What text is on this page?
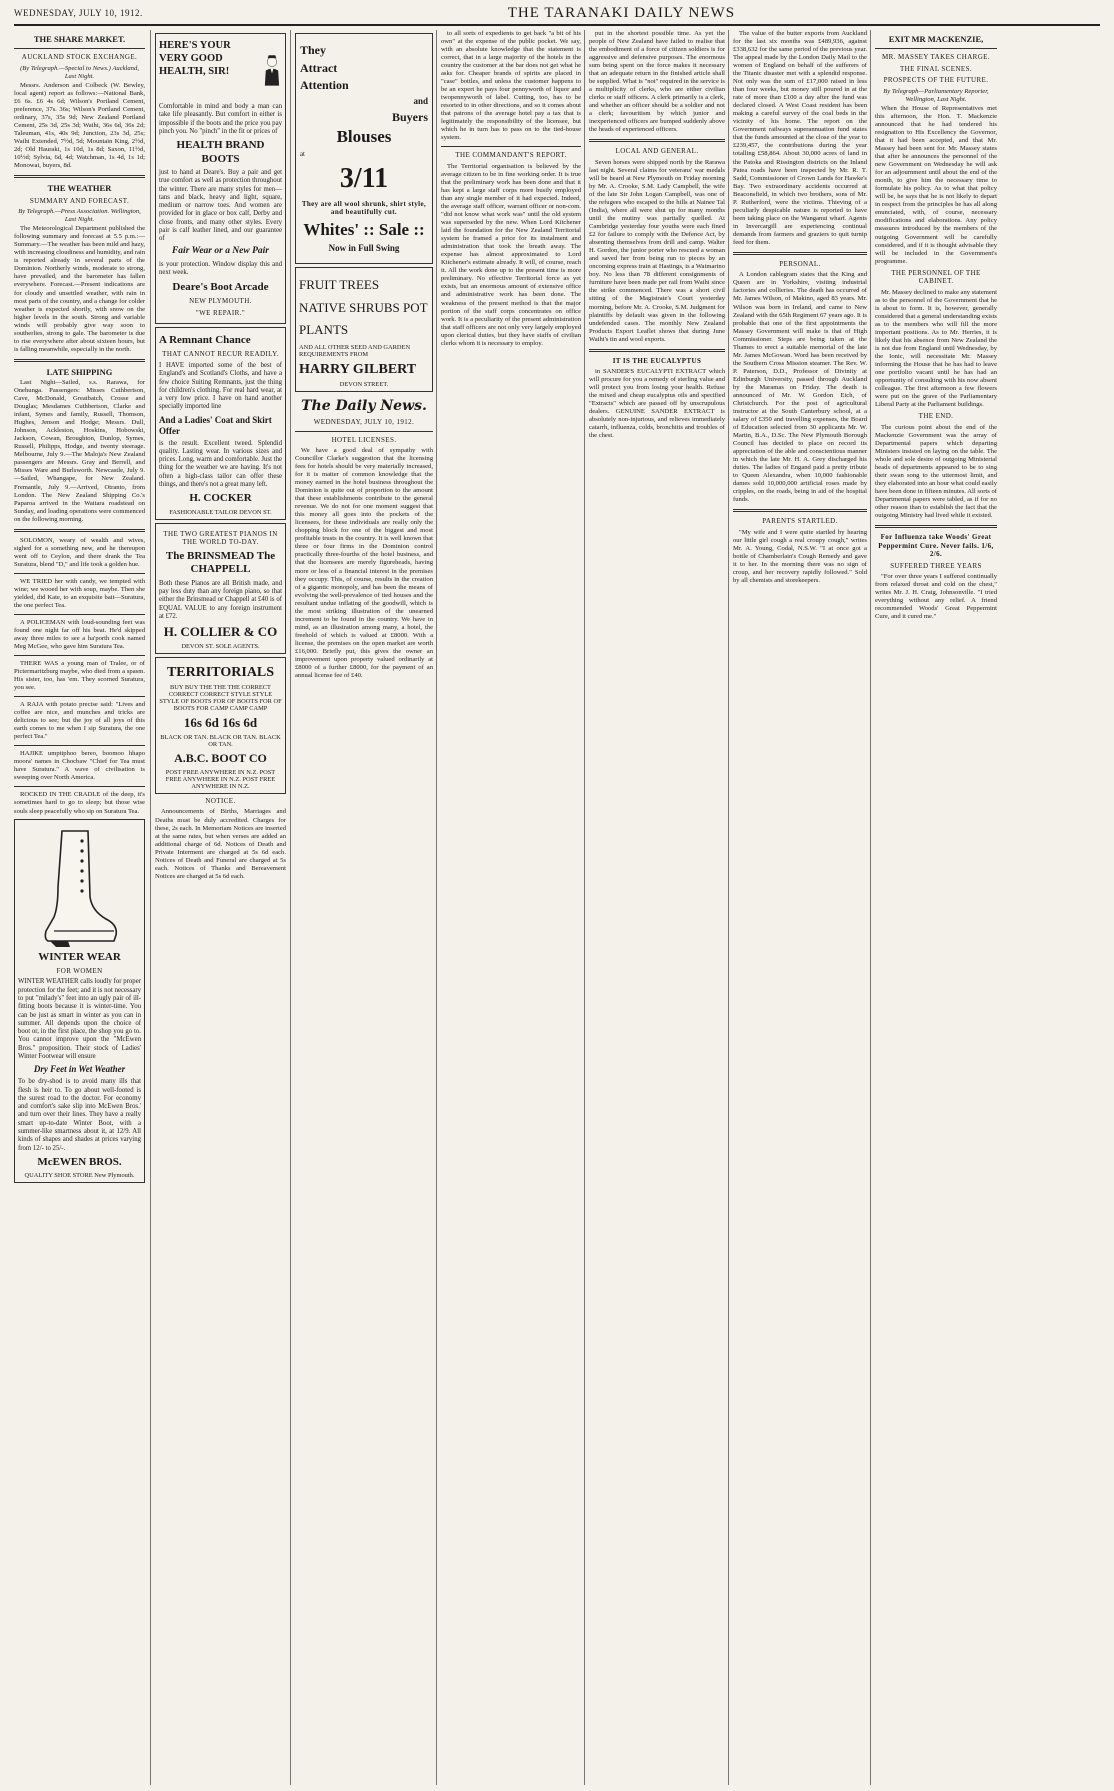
WEDNESDAY, JULY 10, 1912.	THE TARANAKI DAILY NEWS
THE SHARE MARKET.
AUCKLAND STOCK EXCHANGE.
(By Telegraph.—Special to News.) Auckland, Last Night.

Messrs. Anderson and Colbeck (W. Bewley, local agent) report as follows:—National Bank, £6 6s. £6 4s 6d; Wilson's Portland Cement, preference, 37s. 36s; Wilson's Portland Cement, ordinary, 37s, 35s 9d; New Zealand Portland Cement, 25s 3d, 25s 3d; Waihi, 36s 6d, 36s 2d; Taleuman, 41s, 40s 9d; Junction, 23s 3d, 25s; Waihi Extended, 7½d, 5d; Mountain King, 2½d, 2d; Old Hauraki, 1s 10d, 1s 8d; Saxon, 11½d, 10½d; Sylvia, 6d, 4d; Watchman, 1s 4d, 1s 1d; Monowai, buyers, 8d.

THE WEATHER
SUMMARY AND FORECAST.
By Telegraph.—Press Association. Wellington, Last Night.

The Meteorological Department published the following summary and forecast at 5.5 p.m.:—Summary.—The weather has been mild and hazy, with increasing cloudiness and humidity, and rain is reported already in several parts of the Dominion. Northerly winds, moderate to strong, have prevailed, and the barometer has fallen everywhere. Forecast.—Present indications are for cloudy and unsettled weather, with rain in most parts of the country, and a change for colder weather is expected shortly, with snow on the higher levels in the south. Strong and variable winds will probably give way soon to southerlies, strong to gale. The barometer is due to rise everywhere after about sixteen hours, but is falling meanwhile, especially in the north.

LATE SHIPPING

Last Night—Sailed, s.s. Rarawa, for Onehunga. Passengers: Misses Cuthbertson, Cave, McDonald, Greatbatch, Crosse and Douglas; Mesdames Cuthbertson, Clarke and infant, Symes and family, Russell, Thomson, Hughes, Jenson and Hodge; Messrs. Dull, Johnson, Ackleston, Hoskins, Hobowski, Jackson, Cowan, Broughton, Dunlop, Symes, Russell, Philipps, Hodge, and twenty steerage. Melbourne, July 9.—The Maloja's New Zealand passengers are Messrs. Gray and Berrell, and Misses Ware and Burlsworth. Newcastle, July 9.—Sailed, Whangape, for New Zealand. Fremantle, July 9.—Arrived, Otranto, from London. The New Zealand Shipping Co.'s Paparoa arrived in the Waitara roadstead on Sunday, and loading operations were commenced on the following morning.

SOLOMON, weary of wealth and wives, sighed for a something new, and he thereupon went off to Ceylon, and there drank the Tea Suratura, blend "D," and life took a golden hue.

WE TRIED her with candy, we tempted with wine; we wooed her with soup, maybe. Then she yielded, did Kate, to an exquisite bait—Suratura, the one perfect Tea.

A POLICEMAN with loud-sounding feet was found one night far off his beat. He'd skipped away three miles to see a ha'porth cook named Meg McGee, who gave him Suratura Tea.

THERE WAS a young man of Tralee, or of Pictermaritzburg maybe, who died from a spasm. His sister, too, has 'em. They scorned Suratura, you see.

A RAJA with potato precise said: "Lives and coffee are nice, and munches and tricks are delicious to see; but the joy of all joys of this earth comes to me when I sip Suratura, the one perfect Tea."

HAJIKE umptiphoo bereo, boomoo hhapo moora' names in Chocbaw "Chief for Tea must have Suratura." A wave of civilisation is sweeping over North America.

ROCKED IN THE CRADLE of the deep, it's sometimes hard to go to sleep; but those wise souls sleep peacefully who sip on Suratura Tea.

WINTER WEAR
FOR WOMEN
WINTER WEATHER calls loudly for proper protection for the feet; and it is not necessary to put "milady's" feet into an ugly pair of ill-fitting boots because it is winter-time. You can be just as smart in winter as you can in summer. All depends upon the choice of boot or, in the first place, the shop you go to. You cannot improve upon the "McEwen Bros." proposition. Their stock of Ladies' Winter Footwear will ensure
Dry Feet in Wet Weather
To be dry-shod is to avoid many ills that flesh is heir to. To go about well-footed is the surest road to the doctor. For economy and comfort's sake slip into McEwen Bros.' and turn over their lines. They have a really smart up-to-date Winter Boot, with a summer-like smartness about it, at 12/9. All kinds of shapes and shades at prices varying from 12/- to 25/-.
McEWEN BROS.
QUALITY SHOE STORE New Plymouth.
HERE'S YOUR VERY GOOD HEALTH, SIR!
Comfortable in mind and body a man can take life pleasantly. But comfort in either is impossible if the boots and the price you pay pinch you. No "pinch" in the fit or prices of
HEALTH BRAND BOOTS
just to hand at Deare's. Buy a pair and get true comfort as well as protection throughout the winter. There are many styles for men—tans and black, heavy and light, square, medium or narrow toes. And women are provided for in glace or box calf, Derby and close fronts, and many other styles. Every pair is calf leather lined, and our guarantee of
Fair Wear or a New Pair
is your protection. Window display this and next week.
Deare's Boot Arcade
NEW PLYMOUTH.
"WE REPAIR."
A Remnant Chance
THAT CANNOT RECUR READILY.
I HAVE imported some of the best of England's and Scotland's Cloths, and have a few choice Suiting Remnants, just the thing for children's clothing. For real hard wear, at a very low price. I have on hand another specially imported line
And a Ladies' Coat and Skirt Offer
is the result. Excellent tweed. Splendid quality. Lasting wear. In various sizes and prices. Long, warm and comfortable. Just the thing for the weather we are having. It's not often a high-class tailor can offer these things, and there's not a great many left.
H. COCKER
FASHIONABLE TAILOR DEVON ST.
THE TWO GREATEST PIANOS IN THE WORLD TO-DAY.
The BRINSMEAD The CHAPPELL
Both these Pianos are all British made, and pay less duty than any foreign piano, so that either the Brinsmead or Chappell at £40 is of EQUAL VALUE to any foreign instrument at £72.
H. COLLIER & CO
DEVON ST. SOLE AGENTS.
TERRITORIALS
BUY BUY THE THE THE CORRECT CORRECT CORRECT STYLE STYLE STYLE OF BOOTS FOR OF BOOTS FOR OF BOOTS FOR CAMP CAMP CAMP
16s 6d 16s 6d
BLACK OR TAN. BLACK OR TAN. BLACK OR TAN.
A.B.C. BOOT CO
POST FREE ANYWHERE IN N.Z. POST FREE ANYWHERE IN N.Z. POST FREE ANYWHERE IN N.Z.
NOTICE.

Announcements of Births, Marriages and Deaths must be duly accredited. Charges for these, 2s each. In Memoriam Notices are inserted at the same rates, but when verses are added an additional charge of 6d. Notices of Death and Private Interment are charged at 5s 6d each. Notices of Death and Funeral are charged at 5s each. Notices of Thanks and Bereavement Notices are charged at 5s 6d each.

They
Attract
Attention
and
Buyers
Blouses
at
3/11
They are all wool shrunk, shirt style, and beautifully cut.
Whites' :: Sale ::
Now in Full Swing
FRUIT TREES NATIVE SHRUBS POT PLANTS
AND ALL OTHER SEED AND GARDEN REQUIREMENTS FROM
HARRY GILBERT
DEVON STREET.
The Daily News.
WEDNESDAY, JULY 10, 1912.
HOTEL LICENSES.

We have a good deal of sympathy with Councillor Clarke's suggestion that the licensing fees for hotels should be very materially increased, for it is matter of common knowledge that the money earned in the hotel business throughout the Dominion is quite out of proportion to the amount that these establishments contribute to the general revenue. We do not for one moment suggest that this money all goes into the pockets of the licensees, for these individuals are really only the chopping block for one of the biggest and most profitable trusts in the country. It is well known that three or four firms in the Dominion control practically three-fourths of the hotel business, and that the licensees are merely figureheads, having more or less of a financial interest in the premises they occupy. This, of course, results in the creation of a gigantic monopoly, and has been the means of evolving the well-prevalence of tied houses and the resultant undue inflating of the goodwill, which is the most striking illustration of the unearned increment to be found in the country. We have in mind, as an illustration among many, a hotel, the freehold of which is valued at £8000. With a license, the premises on the open market are worth £16,000. Briefly put, this gives the owner an improvement upon property valued ordinarily at £8000 of a further £8000, for the payment of an annual license fee of £40.

to all sorts of expedients to get back "a bit of his own" at the expense of the public pocket. We say, with an absolute knowledge that the statement is correct, that in a large majority of the hotels in the country the customer at the bar does not get what he asks for. Cheaper brands of spirits are placed in "case" bottles, and unless the customer happens to be an expert he pays four pennyworth of liquor and twopennyworth of label. Cutting, too, has to be resorted to in other directions, and so it comes about that patrons of the average hotel pay a tax that is legitimately the responsibility of the licensee, but which he in turn has to pass on to the tied-house system.

THE COMMANDANT'S REPORT.

The Territorial organisation is believed by the average citizen to be in fine working order. It is true that the preliminary work has been done and that it has kept a large staff corps more busily employed than any single member of it had expected. Indeed, the average staff officer, warrant officer or non-com. "did not know what work was" until the old system was superseded by the new. When Lord Kitchener laid the foundation for the New Zealand Territorial system he framed a price for its instalment and administration that took the breath away. The expense has almost approximated to Lord Kitchener's estimate already. It will, of course, reach it. All the work done up to the present time is more preliminary. No effective Territorial force as yet exists, but an enormous amount of extensive office and administrative work has been done. The weakness of the present method is that the major portion of the staff corps concentrates on office work. It is a peculiarity of the present administration that staff officers are not only very largely employed upon clerical duties, but they have staffs of civilian clerks whom it is necessary to employ.

put in the shortest possible time. As yet the people of New Zealand have failed to realise that the embodiment of a force of citizen soldiers is for aggressive and defensive purposes. The enormous sum being spent on the force makes it necessary that an adequate return in the finished article shall be supplied. What is "not" required in the service is a multiplicity of clerks, who are either civilian clerks or staff officers. A clerk primarily is a clerk, and whether an officer should be a soldier and not a clerk; favouritism by which junior and inexperienced officers are bumped suddenly above the heads of experienced officers.

LOCAL AND GENERAL.

Seven horses were shipped north by the Rarawa last night. Several claims for veterans' war medals will be heard at New Plymouth on Friday morning by Mr. A. Crooke, S.M. Lady Campbell, the wife of the late Sir John Logan Campbell, was one of the refugees who escaped to the hills at Nainee Tal (India), where all were shut up for many months until the mutiny was partially quelled. At Cambridge yesterday four youths were each fined £2 for failure to comply with the Defence Act, by absenting themselves from drill and camp. Walter H. Gordon, the junior porter who rescued a woman and saved her from being run to pieces by an oncoming express train at Hastings, is a Waimarino boy. No less than 78 different consignments of furniture have been made per rail from Waihi since the strike commenced. There was a short civil sitting of the Magistrate's Court yesterday morning, before Mr. A. Crooke, S.M. Judgment for plaintiffs by default was given in the following undefended cases. The monthly New Zealand Products Export Leaflet shows that during June Waihi's tin and wool exports.

IT IS THE EUCALYPTUS

in SANDER'S EUCALYPTI EXTRACT which will procure for you a remedy of sterling value and will protect you from losing your health. Refuse the mixed and cheap eucalyptus oils and specified "Extracts" which are passed off by unscrupulous dealers. GENUINE SANDER EXTRACT is absolutely non-injurious, and relieves immediately catarrh, influenza, colds, bronchitis and troubles of the chest.

The value of the butter exports from Auckland for the last six months was £489,936, against £338,632 for the same period of the previous year. The appeal made by the London Daily Mail to the women of England on behalf of the sufferers of the Titanic disaster met with a splendid response. Not only was the sum of £17,000 raised in less than four weeks, but money still poured in at the rate of more than £100 a day after the fund was declared closed. A West Coast resident has been making a careful survey of the coal beds in the vicinity of his home. The report on the Government railways superannuation fund states that the funds amounted at the close of the year to £239,457, the contributions during the year totalling £58,864. About 30,000 acres of land in the Patoka and Rissington districts on the Inland Patea roads have been inspected by Mr. R. T. Sadd, Commissioner of Crown Lands for Hawke's Bay. Two extraordinary accidents occurred at Beaconsfield, in which two brothers, sons of Mr. P. Rutherford, were the victims. Thieving of a peculiarly despicable nature is reported to have been taking place on the Wanganui wharf. Agents in Invercargill are experiencing continual demands from farmers and graziers to quit turnip feed for them.

PERSONAL.

A London cablegram states that the King and Queen are in Yorkshire, visiting industrial factories and collieries. The death has occurred of Mr. James Wilson, of Makino, aged 83 years. Mr. Wilson was born in Ireland, and came to New Zealand with the 65th Regiment 67 years ago. It is probable that one of the first appointments the Massey Government will make is that of High Commissioner. Steps are being taken at the Thames to erect a suitable memorial of the late Mr. James McGowan. Word has been received by the Southern Cross Mission steamer. The Rev. W. P. Paterson, D.D., Professor of Divinity at Edinburgh University, passed through Auckland by the Maramas on Friday. The death is announced of Mr. W. Gordon Eich, of Christchurch. For the post of agricultural instructor at the South Canterbury school, at a salary of £350 and travelling expenses, the Board of Education selected from 30 applicants Mr. W. Martin, B.A., D.Sc. The New Plymouth Borough Council has decided to place on record its appreciation of the able and conscientious manner in which the late Mr. H. A. Grey discharged his duties. The ladies of Engand paid a pretty tribute to Queen Alexandra, when 10,000 fashionable dames sold 10,000,000 artificial roses made by cripples, on the roads, being in aid of the hospital funds.

PARENTS STARTLED.

"My wife and I were quite startled by hearing our little girl cough a real croupy cough," writes Mr. A. Young, Codal, N.S.W. "I at once got a bottle of Chamberlain's Cough Remedy and gave it to her. In the morning there was no sign of croup, and her recovery rapidly followed." Sold by all chemists and storekeepers.

EXIT MR MACKENZIE,
MR. MASSEY TAKES CHARGE.
THE FINAL SCENES.
PROSPECTS OF THE FUTURE.
By Telegraph—Parliamentary Reporter, Wellington, Last Night.

When the House of Representatives met this afternoon, the Hon. T. Mackenzie announced that he had tendered his resignation to His Excellency the Governor, that it had been accepted, and that Mr. Massey had been sent for. Mr. Massey states that after he announces the personnel of the new Government on Wednesday he will ask for an adjournment until about the end of the month, to give him the necessary time to formulate his policy. As to what that policy will be, he says that he is not likely to depart in respect from the principles he has all along enunciated, with, of course, necessary modifications and elaborations. Any policy measures introduced by the members of the outgoing Government will be carefully considered, and if it is thought advisable they will be included in the Government's programme.

THE PERSONNEL OF THE CABINET.

Mr. Massey declined to make any statement as to the personnel of the Government that he is about to form. It is, however, generally considered that a general understanding exists as to the members who will fill the more important positions. As to Mr. Herries, it is likely that his absence from New Zealand the is not due from England until Wednesday, by the Ionic, will necessitate Mr. Massey informing the House that he has had to leave one portfolio vacant until he has had an opportunity of consulting with his now absent colleague. The first afternoon a few flowers were put on the grave of the Parliamentary Liberal Party at the Parliament buildings.

THE END.

The curious point about the end of the Mackenzie Government was the array of Departmental papers which departing Ministers insisted on laying on the table. The whole and sole desire of outgoing Ministerial heads of departments appeared to be to sing their swan song to the uttermost limit, and they elaborated into an hour what could easily have been done in fifteen minutes. All sorts of Departmental papers were tabled, as if for no other reason than to establish the fact that the outgoing Ministry had lived while it existed.

For Influenza take Woods' Great Peppermint Cure. Never fails. 1/6, 2/6.
SUFFERED THREE YEARS

"For over three years I suffered continually from relaxed throat and cold on the chest," writes Mr. J. H. Craig, Johnsonville. "I tried everything without any relief. A friend recommended Woods' Great Peppermint Cure, and it cured me."
